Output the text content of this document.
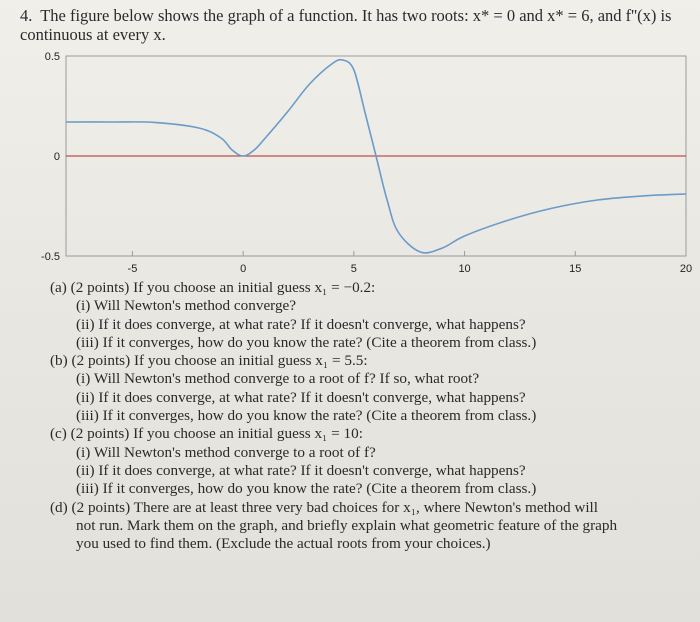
4. The figure below shows the graph of a function. It has two roots: x* = 0 and x* = 6, and f''(x) is continuous at every x.
0.5
0
-0.5
-5	0	5	10	15	20
(a) (2 points) If you choose an initial guess x₁ = −0.2:
(i) Will Newton's method converge?
(ii) If it does converge, at what rate? If it doesn't converge, what happens?
(iii) If it converges, how do you know the rate? (Cite a theorem from class.)
(b) (2 points) If you choose an initial guess x₁ = 5.5:
(i) Will Newton's method converge to a root of f? If so, what root?
(ii) If it does converge, at what rate? If it doesn't converge, what happens?
(iii) If it converges, how do you know the rate? (Cite a theorem from class.)
(c) (2 points) If you choose an initial guess x₁ = 10:
(i) Will Newton's method converge to a root of f?
(ii) If it does converge, at what rate? If it doesn't converge, what happens?
(iii) If it converges, how do you know the rate? (Cite a theorem from class.)
(d) (2 points) There are at least three very bad choices for x₁, where Newton's method will
not run. Mark them on the graph, and briefly explain what geometric feature of the graph
you used to find them. (Exclude the actual roots from your choices.)
